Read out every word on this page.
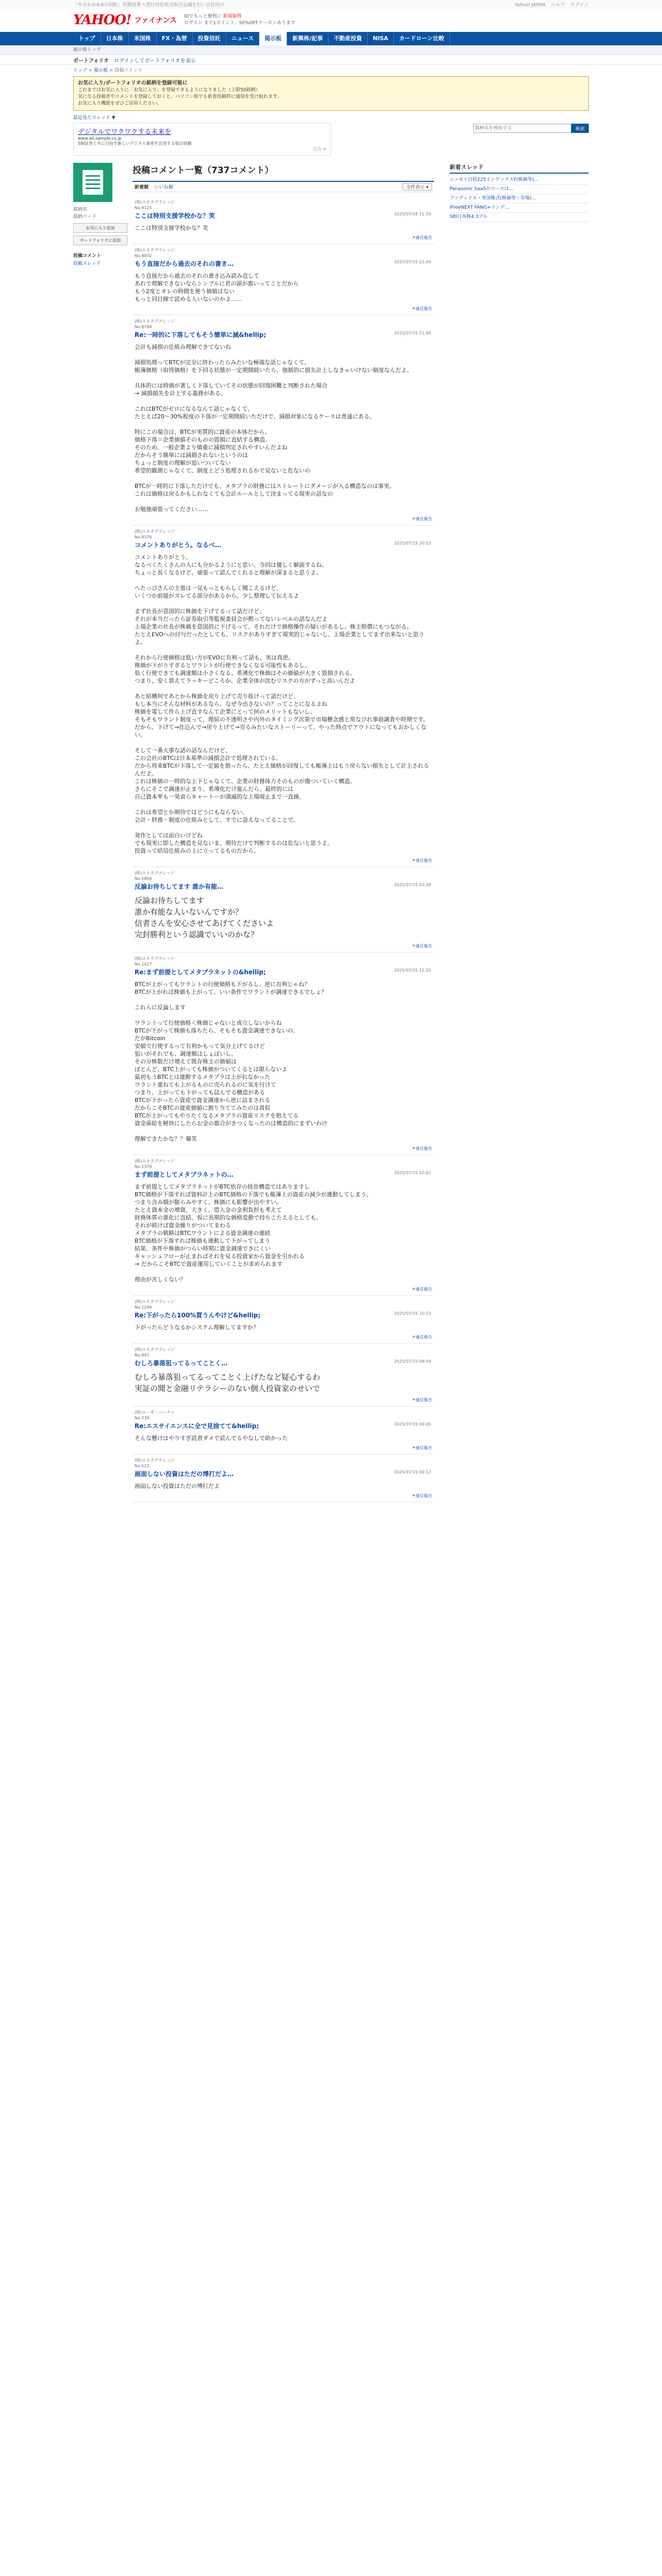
「やさかか4,6万回転」有期送業へ受付対応形式取引会議を行い会社向け	Yahoo! JAPAN ヘルプ ログイン
YAHOO! ファイナンス IDでもっと便利に 新規取得
ログイン まで1ポイント、50%OFFクーポンあります
トップ	日本株	米国株	FX・為替	投資信託	ニュース	掲示板	新興株/記事	不動産投資	NISA	カードローン比較
掲示板トップ
ポートフォリオ ログインしてポートフォリオを表示
トップ > 掲示板 > 投稿コメント
お気に入り/ポートフォリオの銘柄を登録可能に
これまではお気に入りに「お気に入り」を登録できるようになりました（上限50銘柄）
気になる投稿者やコメントを登録しておくと、パソコン版でも新着投稿時に通知を受け取れます。
お気に入り機能をぜひご活用ください。
銘柄名を検索する
検索
最近見たスレッド ▼
デジタルでワクワクする未来を
www.ad.sample.co.jp
SBI証券と共に目指す新しいデジタル資産を活用する取引体験
広告 ✕
銘柄名
銘柄コード
お気に入り追加
ポートフォリオに追加
投稿コメント
投稿スレッド
投稿コメント一覧（737コメント）
新着順 いいね順	全件表示 ▾
(株)エネタグナレッジ
No.9125
ここは特別支援学校かな？笑	2025/07/18 11:59
ここは特別支援学校かな？笑
⚑ 違反報告
(株)エネタグナレッジ
No.8932
もう直接だから過去のそれの書き…	2025/07/15 22:49
もう直接だから過去のそれの書き込み読み直して
あれで理解できないならシンプルに君の頭が悪いってことだから
もう2度とオレの時間を使う価値はない
もっと同目線で読める人いないのかよ……
⚑ 違反報告
(株)エネタグナレッジ
No.8784
Re:一時的に下落してもそう簡単に減&hellip;	2025/07/15 21:49
会計も減損の仕組み理解できてないね

減損処理ってBTCが完全に終わったらみたいな極端な話じゃなくて、
帳簿価格（取得価格）を下回る状態が一定期間続いたら、強制的に損失計上しなきゃいけない制度なんだよ。

具体的には時価が著しく下落していてその状態が回復困難と判断された場合
→ 減損損失を計上する義務がある。

これはBTCがゼロになるなんて話じゃなくて、
たとえば20〜30%程度の下落が一定期間続いただけで、減損対象になるケースは普通にある。

特にこの場合は、BTCが実質的に資産の本体だから、
価格下落＝企業価値そのものの毀損に直結する構造。
そのため、一般企業より慎重に減損判定されやすいんだよね
だからそう簡単には減損されないというのは
ちょっと制度の理解が追いついてない
希望的観測じゃなくて、制度上どう処理されるかで見ないと危ないの

BTCが一時的に下落しただけでも、メタプラの財務にはストレートにダメージが入る構造なのは事実。
これは価格は戻るかもしれなくても会計ルールとして決まってる現実の話なの

お勉強頑張ってください……
⚑ 違反報告
(株)エネタグナレッジ
No.8376
コメントありがとう。なるべ…	2025/07/15 20:03
コメントありがとう。
なるべくたくさんの人にも分かるようにと思い、今回は優しく解説するね。
ちょっと長くなるけど、頑張って読んでくれると理解が深まると思うよ。

へたっぴさんの主張は一見もっともらしく聞こえるけど、
いくつか前提がズレてる部分があるから、少し整理して伝えるよ

まず社長が意図的に株価を下げてるって話だけど、
それが本当だったら証券取引等監視委員会が黙ってないレベルの話なんだよ
上場企業の社長が株価を意図的に下げるって、それだけで価格操作の疑いがあるし、株主賠償にもつながる。
たとえEVOへの付与だったとしても、リスクがありすぎて現実的じゃないし、上場企業としてまず出来ないと思うよ。

それから行使価格は低い方がEVOに有利って話も、実は真逆。
株価が下がりすぎるとワラントが行使できなくなる可能性もあるし、
低く行使できても調達額は小さくなる。希薄化で株価はその価値が大きく毀損される。
つまり、安く買えてラッキーどころか、企業全体が沈むリスクの方がずっと高いんだよ

あと結構何であとから株価を戻り上げて売り抜けって話だけど、
もし本当にそんな材料があるなら、なぜ今出さないの？ってことになるよね
株価を電して作ら上げ直すなんて企業にとって何のメリットもないし、
そもそもワラント制度って、理屈の不透明さや内外のタイミング次第で市場懸念感と常なびれ事前調査や時期です。
だから、下げて→仕込んで→戻り上げて→売るみたいなストーリーって、やった時点でアウトになってもおかしくない。

そして一番大事な話の話なんだけど、
この会社のBTCは日本基準の減損会計で処理されている。
だから将来BTCが下落して一定値を割ったら、たとえ価格が回復しても帳簿上はもう戻らない損失として計上されるんだよ。
これは株価の一時的な上下じゃなくて、企業の財務体力そのものが傷ついていく構造。
さらにそこで調達が止まり、希薄化だけ進んだら、最終的には
自己資本率も一発食らキャートーが潰滅的な上場廃止まで一直線。

これは希望とか期待ではどうにもならない、
会計・財務・制度の仕組みとして、すでに設えなってることで。

発作としては面白いけどね
でも現実に即した構造を見ないま、期待だけで判断するのは危ないと思うよ。
投資って結局仕組みの上に立ってるものだから。
⚑ 違反報告
(株)エネタグナレッジ
No.5804
反論お待ちしてます 誰か有能…	2025/07/15 20:28
反論お待ちしてます
誰か有能な人いないんですか？
信者さんを安心させてあげてくださいよ
完封勝利という認識でいいのかな？
⚑ 違反報告
(株)エネタグナレッジ
No.1427
Re:まず前提としてメタプラネットの&hellip;	2025/07/15 11:20
BTCが上がってもワラントの行使価格も下がるし、逆に有利じゃね？
BTCが上がれば株価も上がって、いい条件でワラントが調達できるでしょ？

これらに反論します

ワラントって行使価格＜株価じゃないと成立しないからね
BTCが下がって株価も落ちたら、そもそも資金調達できないの。
だがBitcoin
安値で行使するって有利かもって気分上げてるけど
狙いがそれでも、調達額はしょぼいし、
その分株数だけ増えて既存株主の価値は
ぽとんど、BTC上がっても株価がついてくるとは限らないよ
最初もうBTCとは連動するメタプラは上がれなかった
ワラント重ねても上がるものに売られるのに気を付けて
つまり、上がっても下がっても詰んでる構造がある
BTCが下がったら資産で資金調達から逆に詰まされる
だからこそBTCの資産価値に割り当ててみたのは真似
BTCが上がってもやりたくなるメタプラの資産リスクを抱えてる
資金需給を軽快にしたらお金の都合がきつくなったのは構造的にまずいわけ

理解できたかな？？爆笑
⚑ 違反報告
(株)エネタグナレッジ
No.1370
まず前提としてメタプラネットの…	2025/07/15 10:01
まず前提としてメタプラネットがBTC依存の経営構造ではありますし
BTC価格が下落すれば資料計上のBTC価格の下落でも帳簿上の資産の減少が連動してしまう。
つまり含み損が膨らみやすく、株価にも影響が出やすい。
たとえ資本金の増資、大きく、借入金の金利負担も考えて
財務体質の悪化に直結、仮に長期的な価格変動で持ちこたえるとしても、
それが続けば資金繰りがついてまわる
メタプラの戦略はBTCワラントによる資金調達の連続
BTC価格が下落すれば株価も連動して下がってしまう
結果、条件や株価がつらい時期に資金調達できにくい
キャッシュフローが止まればそれを見る投資家から資金を引かれる
→ だからこそBTCで資産運用していくことが求められます

理由が苦しくない？
⚑ 違反報告
(株)エネタグナレッジ
No.1246
Re:下がったら100%買うんやけど&hellip;	2025/07/15 10:23
下がったらどうなるかシステム理解してますか？
⚑ 違反報告
(株)エネタグナレッジ
No.947
むしろ暴落狙ってるってことく…	2025/07/15 09:54
むしろ暴落狙ってるってことく上げたなど疑心するわ
実証の聞と金融リテラシーのない個人投資家のせいで
⚑ 違反報告
(株)エ・ザ・バーチャ
No.739
Re:エスサイエンスに全で見捨てて&hellip;	2025/07/15 09:45
そんな懸けはやりすぎ読者ダメで読んでるやなしで助かった
⚑ 違反報告
(株)エネタグナレッジ
No.523
画面しない投資はただの博打だよ…	2025/07/15 09:12
画面しない投資はただの博打だよ
⚑ 違反報告
新着スレッド
ニッセイ日経225インデックスF(株価等)…
Panasonic SaaSのコースは…
ファディリス・米国株式(株価等・市場)…
iFreeNEXT FANG+インデ…
SBI日本株4.3ブル
